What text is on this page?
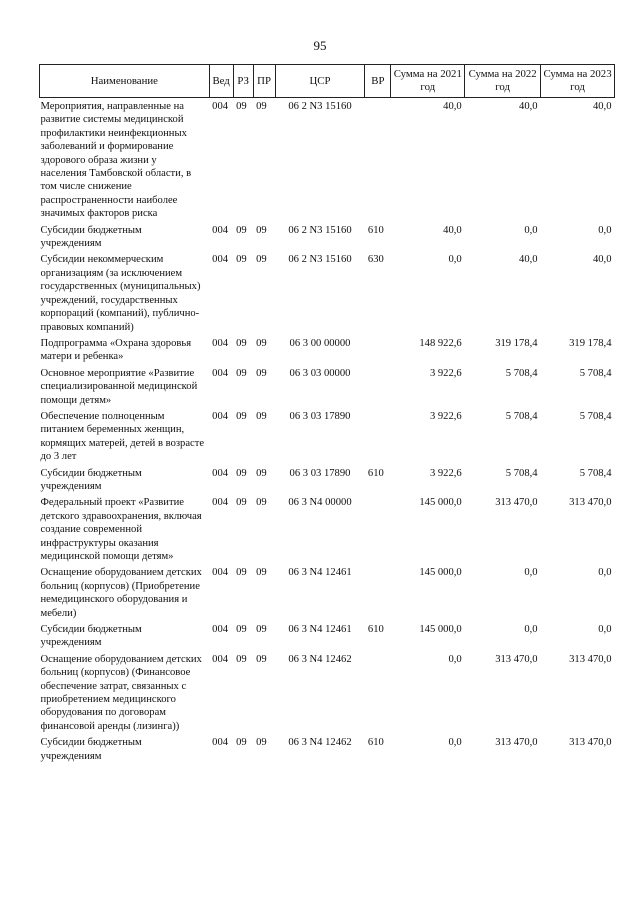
95
Наименование	Вед	РЗ	ПР	ЦСР	ВР	Сумма на 2021 год	Сумма на 2022 год	Сумма на 2023 год
Мероприятия, направленные на развитие системы медицинской профилактики неинфекционных заболеваний и формирование здорового образа жизни у населения Тамбовской области, в том числе снижение распространенности наиболее значимых факторов риска	004	09	09	06 2 N3 15160		40,0	40,0	40,0
Субсидии бюджетным учреждениям	004	09	09	06 2 N3 15160	610	40,0	0,0	0,0
Субсидии некоммерческим организациям (за исключением государственных (муниципальных) учреждений, государственных корпораций (компаний), публично-правовых компаний)	004	09	09	06 2 N3 15160	630	0,0	40,0	40,0
Подпрограмма «Охрана здоровья матери и ребенка»	004	09	09	06 3 00 00000		148 922,6	319 178,4	319 178,4
Основное мероприятие «Развитие специализированной медицинской помощи детям»	004	09	09	06 3 03 00000		3 922,6	5 708,4	5 708,4
Обеспечение полноценным питанием беременных женщин, кормящих матерей, детей в возрасте до 3 лет	004	09	09	06 3 03 17890		3 922,6	5 708,4	5 708,4
Субсидии бюджетным учреждениям	004	09	09	06 3 03 17890	610	3 922,6	5 708,4	5 708,4
Федеральный проект «Развитие детского здравоохранения, включая создание современной инфраструктуры оказания медицинской помощи детям»	004	09	09	06 3 N4 00000		145 000,0	313 470,0	313 470,0
Оснащение оборудованием детских больниц (корпусов) (Приобретение немедицинского оборудования и мебели)	004	09	09	06 3 N4 12461		145 000,0	0,0	0,0
Субсидии бюджетным учреждениям	004	09	09	06 3 N4 12461	610	145 000,0	0,0	0,0
Оснащение оборудованием детских больниц (корпусов) (Финансовое обеспечение затрат, связанных с приобретением медицинского оборудования по договорам финансовой аренды (лизинга))	004	09	09	06 3 N4 12462		0,0	313 470,0	313 470,0
Субсидии бюджетным учреждениям	004	09	09	06 3 N4 12462	610	0,0	313 470,0	313 470,0
